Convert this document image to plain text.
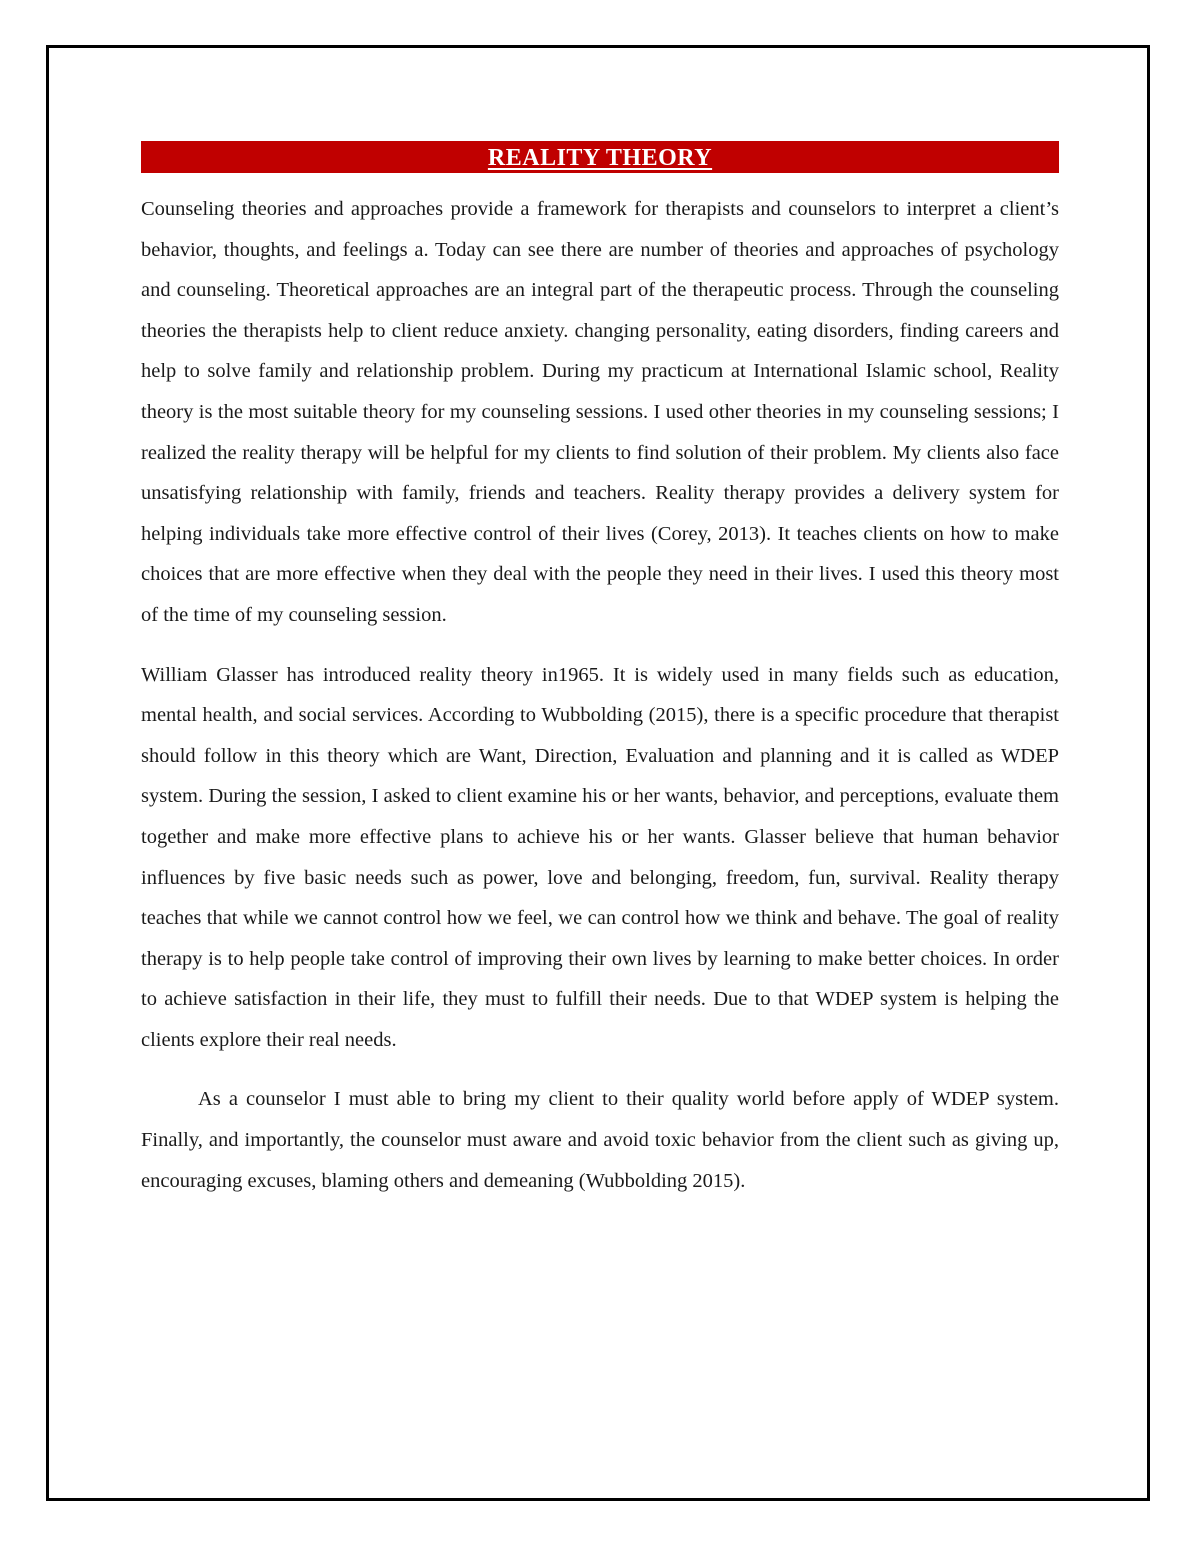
REALITY THEORY

Counseling theories and approaches provide a framework for therapists and counselors to interpret a client’s behavior, thoughts, and feelings a. Today can see there are number of theories and approaches of psychology and counseling. Theoretical approaches are an integral part of the therapeutic process. Through the counseling theories the therapists help to client reduce anxiety. changing personality, eating disorders, finding careers and help to solve family and relationship problem. During my practicum at International Islamic school, Reality theory is the most suitable theory for my counseling sessions. I used other theories in my counseling sessions; I realized the reality therapy will be helpful for my clients to find solution of their problem. My clients also face unsatisfying relationship with family, friends and teachers. Reality therapy provides a delivery system for helping individuals take more effective control of their lives (Corey, 2013). It teaches clients on how to make choices that are more effective when they deal with the people they need in their lives. I used this theory most of the time of my counseling session.

William Glasser has introduced reality theory in1965. It is widely used in many fields such as education, mental health, and social services. According to Wubbolding (2015), there is a specific procedure that therapist should follow in this theory which are Want, Direction, Evaluation and planning and it is called as WDEP system. During the session, I asked to client examine his or her wants, behavior, and perceptions, evaluate them together and make more effective plans to achieve his or her wants. Glasser believe that human behavior influences by five basic needs such as power, love and belonging, freedom, fun, survival. Reality therapy teaches that while we cannot control how we feel, we can control how we think and behave. The goal of reality therapy is to help people take control of improving their own lives by learning to make better choices. In order to achieve satisfaction in their life, they must to fulfill their needs. Due to that WDEP system is helping the clients explore their real needs.

As a counselor I must able to bring my client to their quality world before apply of WDEP system. Finally, and importantly, the counselor must aware and avoid toxic behavior from the client such as giving up, encouraging excuses, blaming others and demeaning (Wubbolding 2015).
